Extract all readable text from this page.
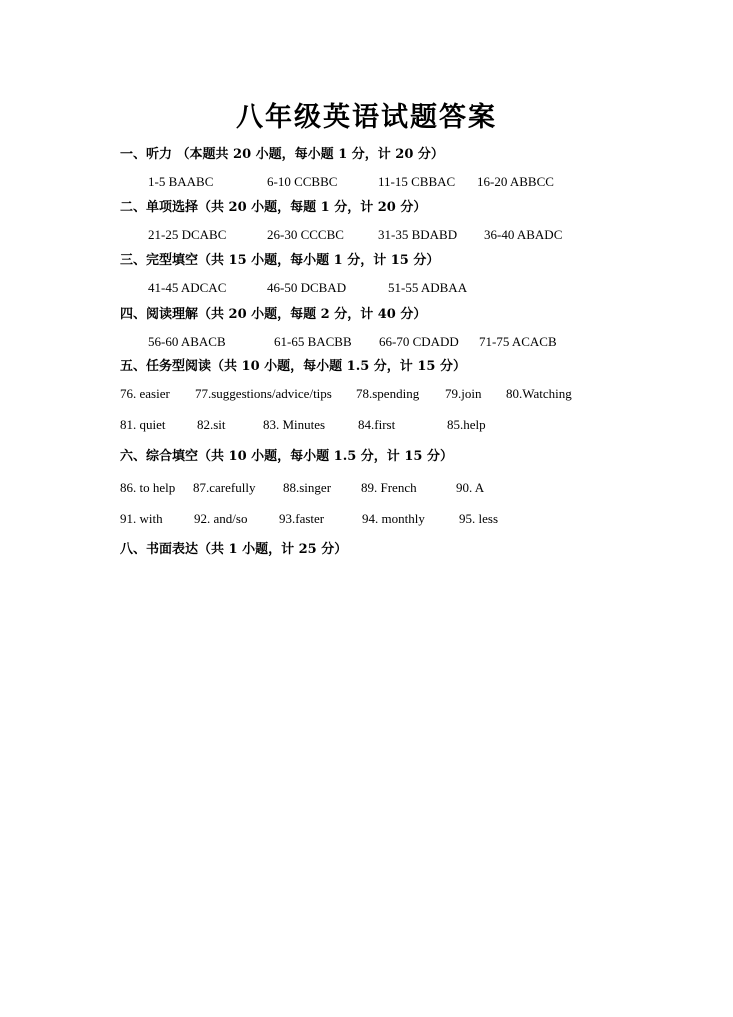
八年级英语试题答案
一、听力 （本题共 20 小题，每小题 1 分，计 20 分）
1-5 BAABC	6-10 CCBBC	11-15 CBBAC 16-20 ABBCC
二、单项选择（共 20 小题，每题 1 分，计 20 分）
21-25 DCABC	26-30 CCCBC	31-35 BDABD 36-40 ABADC
三、完型填空（共 15 小题，每小题 1 分，计 15 分）
41-45 ADCAC	46-50 DCBAD	51-55 ADBAA
四、阅读理解（共 20 小题，每题 2 分，计 40 分）
56-60 ABACB	61-65 BACBB 66-70 CDADD 71-75 ACACB
五、任务型阅读（共 10 小题，每小题 1.5 分，计 15 分）
76. easier 77.suggestions/advice/tips 78.spending 79.join 80.Watching
81. quiet 82.sit	83. Minutes	84.first	85.help
六、综合填空（共 10 小题，每小题 1.5 分，计 15 分）
86. to help 87.carefully 88.singer 89. French	90. A
91. with 92. and/so 93.faster	94. monthly	95. less
八、书面表达（共 1 小题，计 25 分）
